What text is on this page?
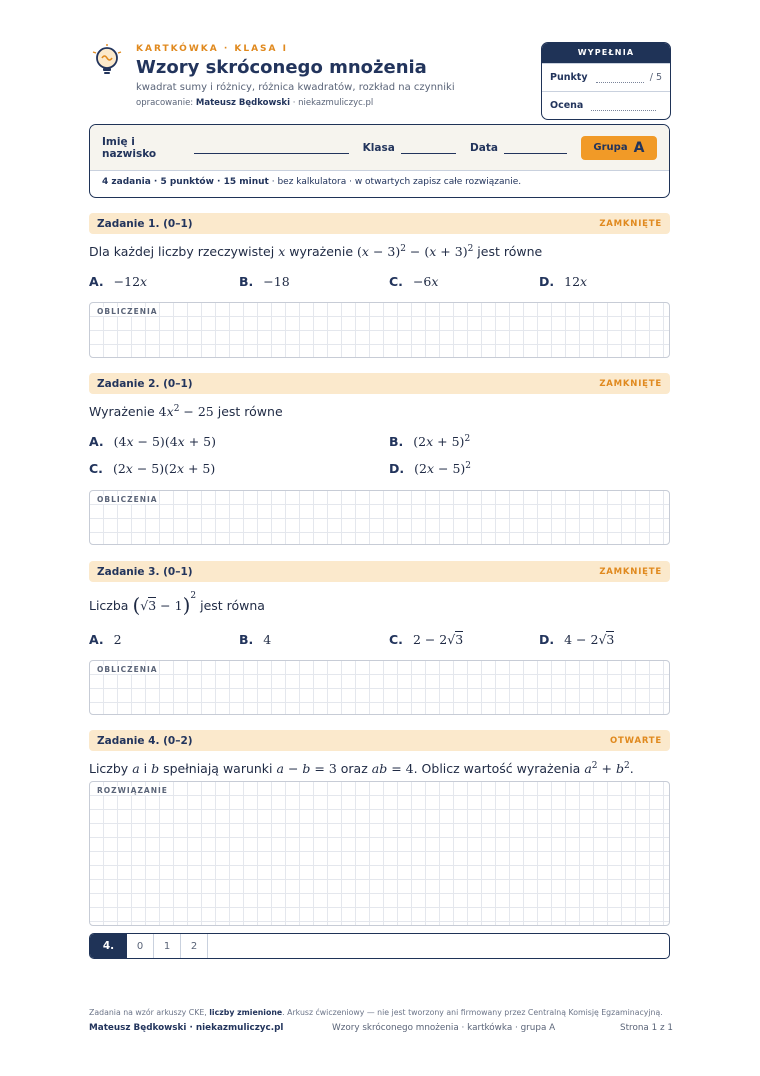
KARTKÓWKA · KLASA I
Wzory skróconego mnożenia
kwadrat sumy i różnicy, różnica kwadratów, rozkład na czynniki
opracowanie: Mateusz Będkowski · niekazmuliczyc.pl
WYPEŁNIA NAUCZYCIEL
Punkty	/ 5
Ocena
Imię i nazwisko	Klasa	Data	Grupa A
4 zadania · 5 punktów · 15 minut · bez kalkulatora · w otwartych zapisz całe rozwiązanie.
Zadanie 1. (0–1)	ZAMKNIĘTE
Dla każdej liczby rzeczywistej x wyrażenie $(x - 3)^2 - (x + 3)^2$ jest równe
A. −12x	B. −18	C. −6x	D. 12x
OBLICZENIA
Zadanie 2. (0–1)	ZAMKNIĘTE
Wyrażenie $4x^2 - 25$ jest równe
A. (4x − 5)(4x + 5)	B. $(2x + 5)^2$
C. (2x − 5)(2x + 5)	D. $(2x - 5)^2$
OBLICZENIA
Zadanie 3. (0–1)	ZAMKNIĘTE
Liczba $(√3 - 1)^2$ jest równa
A. 2	B. 4	C. 2 − 2√3	D. 4 − 2√3
OBLICZENIA
Zadanie 4. (0–2)	OTWARTE
Liczby a i b spełniają warunki a − b = 3 oraz ab = 4. Oblicz wartość wyrażenia $a^2 + b^2$.
ROZWIĄZANIE
4.	0	1	2
Zadania na wzór arkuszy CKE, liczby zmienione. Arkusz ćwiczeniowy — nie jest tworzony ani firmowany przez Centralną Komisję Egzaminacyjną.
Mateusz Będkowski · niekazmuliczyc.pl	Wzory skróconego mnożenia · kartkówka · grupa A	Strona 1 z 1
